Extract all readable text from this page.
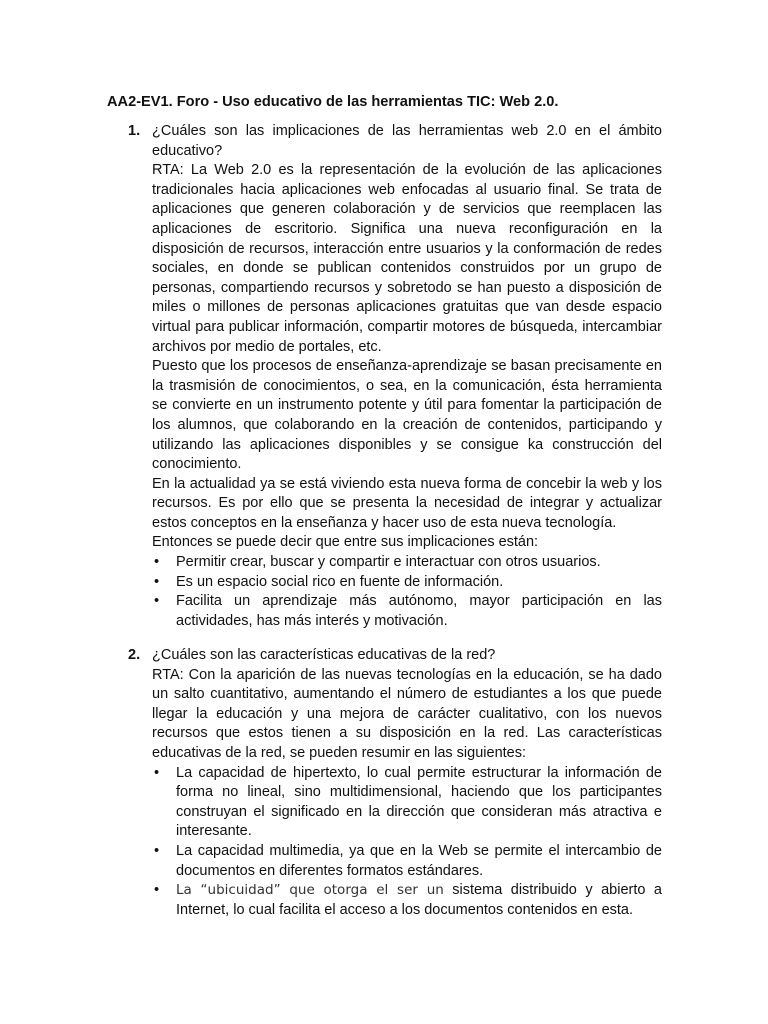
AA2-EV1. Foro - Uso educativo de las herramientas TIC: Web 2.0.
1. ¿Cuáles son las implicaciones de las herramientas web 2.0 en el ámbito educativo?

RTA: La Web 2.0 es la representación de la evolución de las aplicaciones tradicionales hacia aplicaciones web enfocadas al usuario final. Se trata de aplicaciones que generen colaboración y de servicios que reemplacen las aplicaciones de escritorio. Significa una nueva reconfiguración en la disposición de recursos, interacción entre usuarios y la conformación de redes sociales, en donde se publican contenidos construidos por un grupo de personas, compartiendo recursos y sobretodo se han puesto a disposición de miles o millones de personas aplicaciones gratuitas que van desde espacio virtual para publicar información, compartir motores de búsqueda, intercambiar archivos por medio de portales, etc.

Puesto que los procesos de enseñanza-aprendizaje se basan precisamente en la trasmisión de conocimientos, o sea, en la comunicación, ésta herramienta se convierte en un instrumento potente y útil para fomentar la participación de los alumnos, que colaborando en la creación de contenidos, participando y utilizando las aplicaciones disponibles y se consigue ka construcción del conocimiento.

En la actualidad ya se está viviendo esta nueva forma de concebir la web y los recursos. Es por ello que se presenta la necesidad de integrar y actualizar estos conceptos en la enseñanza y hacer uso de esta nueva tecnología.

Entonces se puede decir que entre sus implicaciones están:

• Permitir crear, buscar y compartir e interactuar con otros usuarios.
• Es un espacio social rico en fuente de información.
• Facilita un aprendizaje más autónomo, mayor participación en las actividades, has más interés y motivación.
2. ¿Cuáles son las características educativas de la red?

RTA: Con la aparición de las nuevas tecnologías en la educación, se ha dado un salto cuantitativo, aumentando el número de estudiantes a los que puede llegar la educación y una mejora de carácter cualitativo, con los nuevos recursos que estos tienen a su disposición en la red. Las características educativas de la red, se pueden resumir en las siguientes:

• La capacidad de hipertexto, lo cual permite estructurar la información de forma no lineal, sino multidimensional, haciendo que los participantes construyan el significado en la dirección que consideran más atractiva e interesante.
• La capacidad multimedia, ya que en la Web se permite el intercambio de documentos en diferentes formatos estándares.
• La “ubicuidad” que otorga el ser un sistema distribuido y abierto a Internet, lo cual facilita el acceso a los documentos contenidos en esta.
